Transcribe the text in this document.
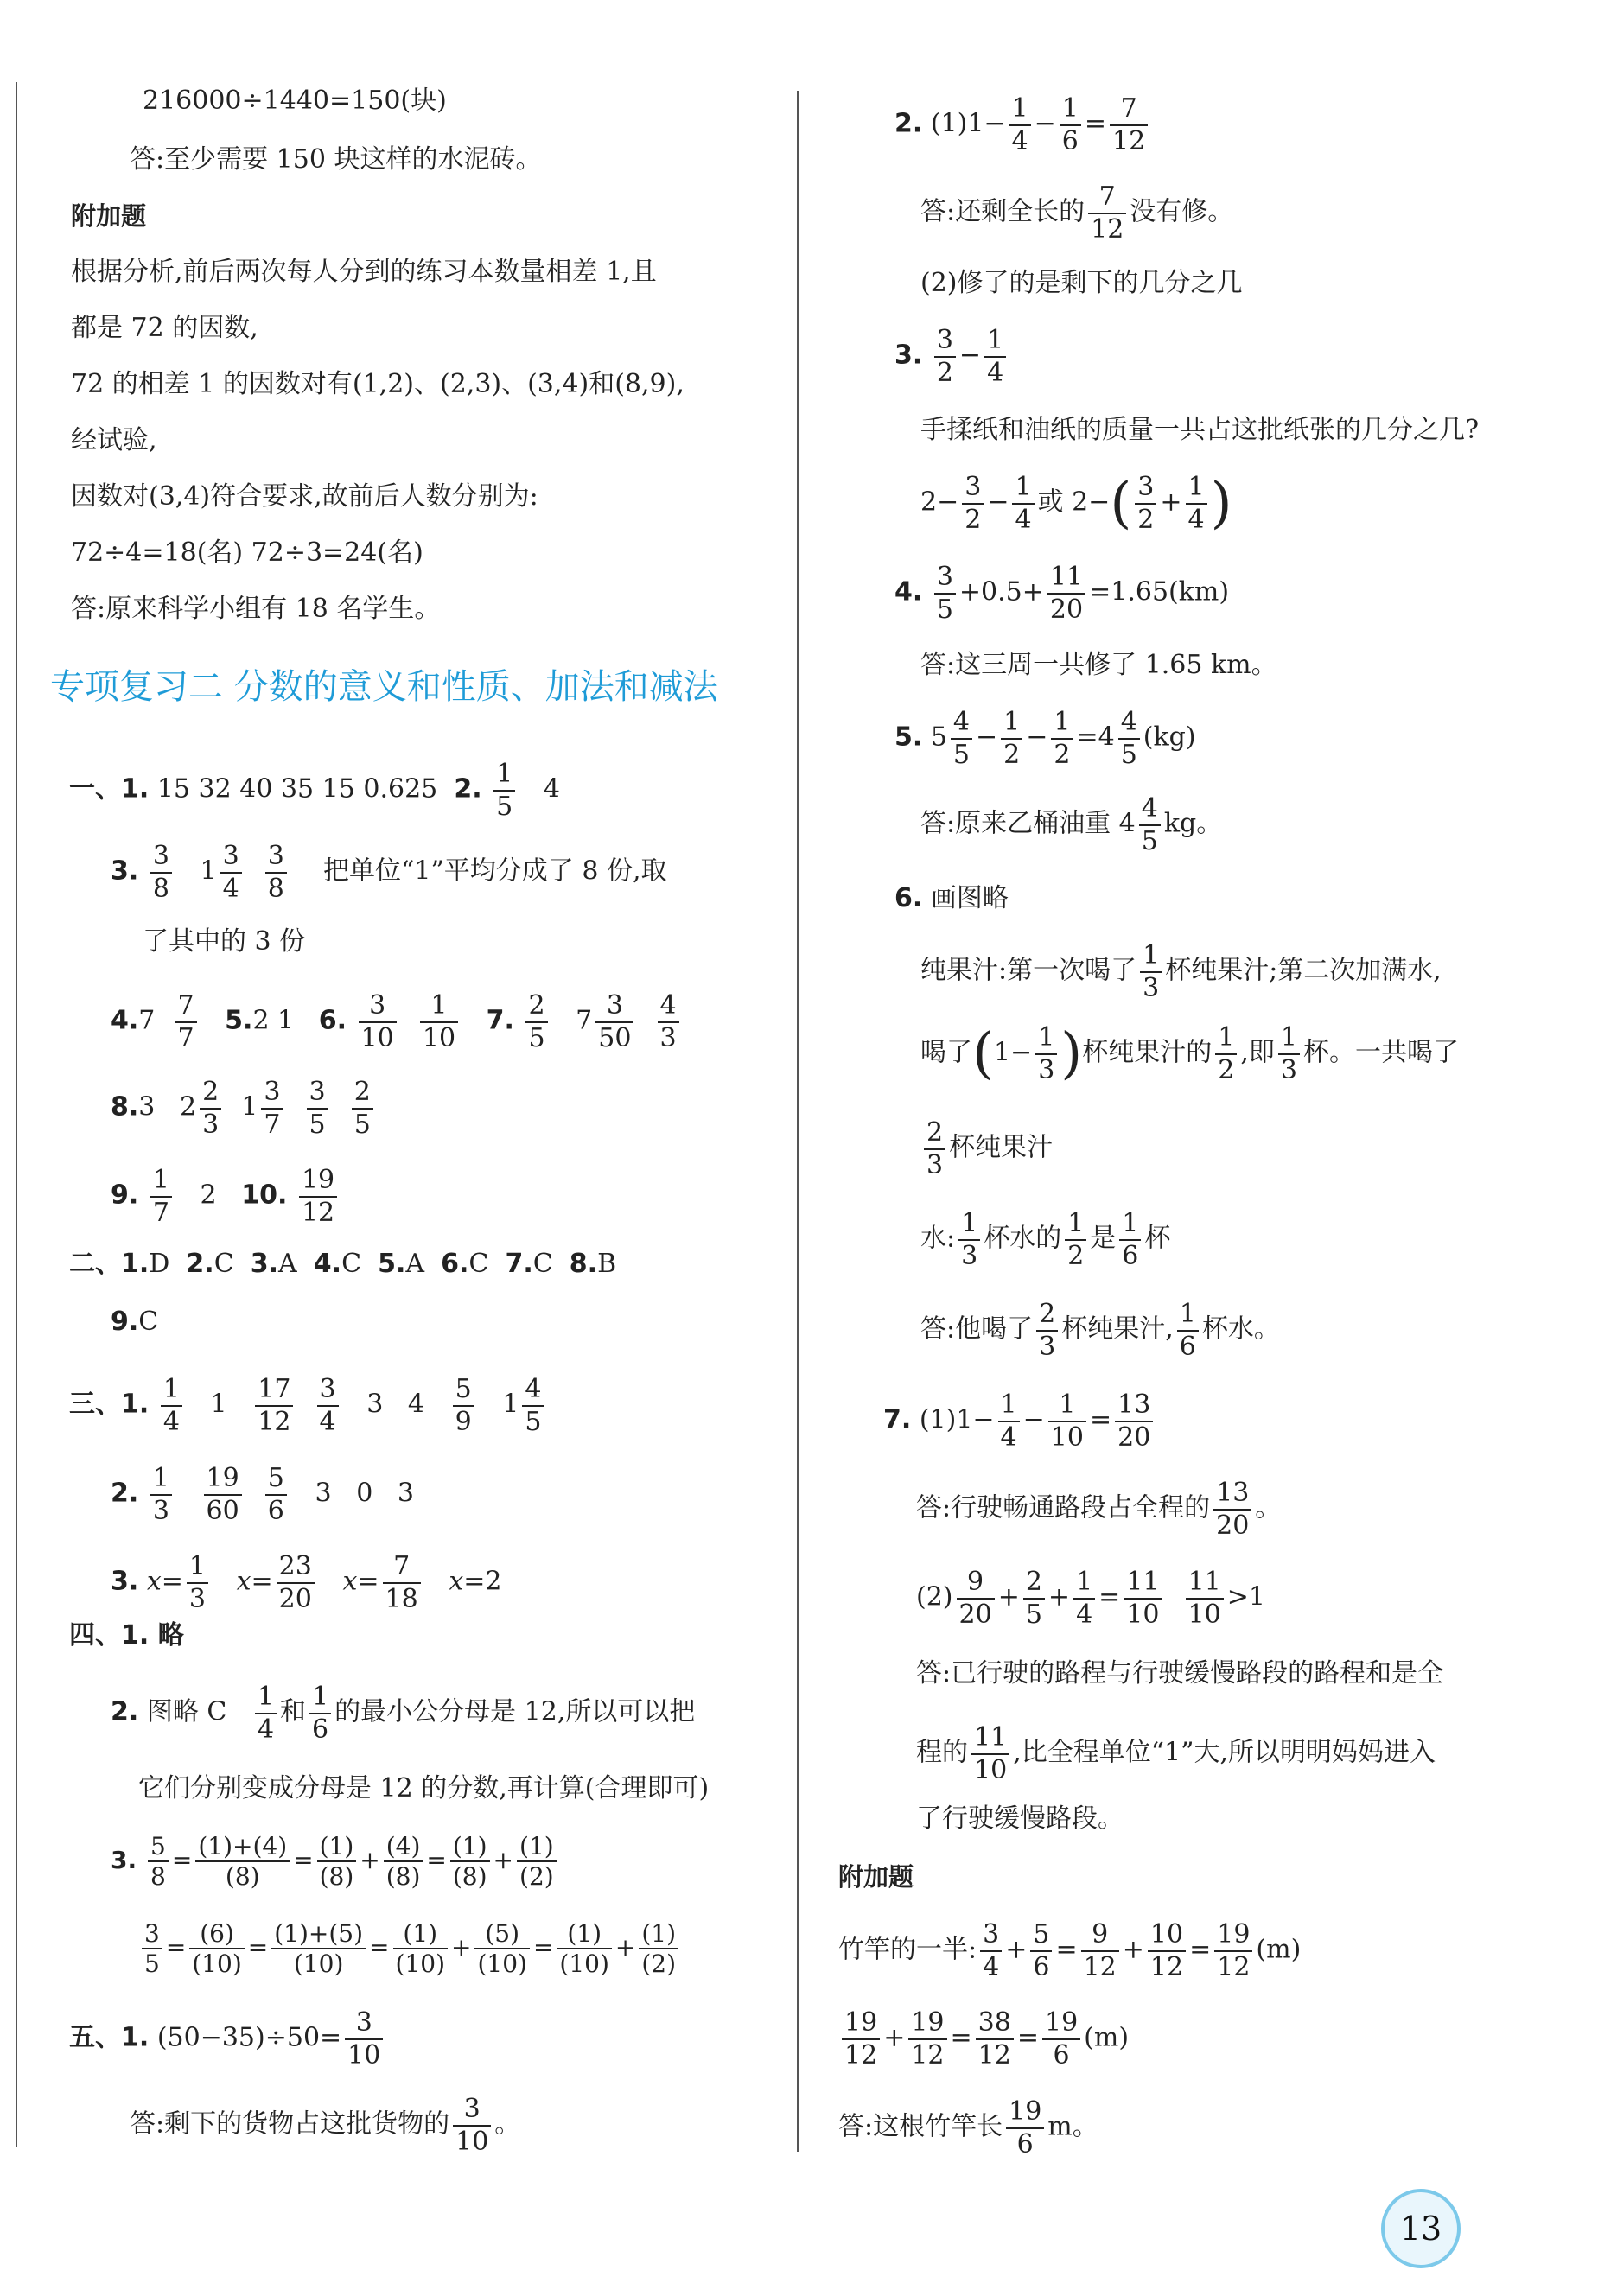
216000÷1440=150(块)
答:至少需要 150 块这样的水泥砖。
附加题
根据分析,前后两次每人分到的练习本数量相差 1,且
都是 72 的因数,
72 的相差 1 的因数对有(1,2)、(2,3)、(3,4)和(8,9),
经试验,
因数对(3,4)符合要求,故前后人数分别为:
72÷4=18(名) 72÷3=24(名)
答:原来科学小组有 18 名学生。
专项复习二 分数的意义和性质、加法和减法
一、1. 15 32 40 35 15 0.625 2. $\frac{1}{5} 4$
3. $\frac{3}{8} 1 \frac{3}{4}$
$\frac{3}{8}$ 把单位“1”平均分成了 8 份,取
了其中的 3 份
$4.7 \frac{7}{7} 5.2$ 1 6. $\frac{3}{10}$
$\frac{1}{10} 7$. $\frac{2}{5} 7 \frac{3}{50}$
$\frac{4}{3}$
8.3   $2 \frac{2}{3} 1 \frac{3}{7}$
$\frac{3}{5}$
$\frac{2}{5}$
9. $\frac{1}{7} 2$   10. $\frac{19}{12}$
二、1.D 2.C 3.A 4.C 5.A 6.C 7.C 8.B
9.C
三、1. $\frac{1}{4} 1 \frac{17}{12}$
$\frac{3}{4} 3$   $4 \frac{5}{9} 1 \frac{4}{5}$
2. $\frac{1}{3}$
$\frac{19}{60}$
$\frac{5}{6} 3$   0   3
3. $x= \frac{1}{3} x= \frac{23}{20} x= \frac{7}{18} x=2$
四、1. 略
2. 图略 C $\frac{1}{4}$ 和 $\frac{1}{6}$ 的最小公分母是 12,所以可以把
它们分别变成分母是 12 的分数,再计算(合理即可)
3. $\frac{5}{8} = \frac{(1)+(4)}{(8)} = \frac{(1)}{(8)} + \frac{(4)}{(8)} = \frac{(1)}{(8)} + \frac{(1)}{(2)}$
$\frac{3}{5} = \frac{(6)}{(10)} = \frac{(1)+(5)}{(10)} = \frac{(1)}{(10)} + \frac{(5)}{(10)} = \frac{(1)}{(10)} + \frac{(1)}{(2)}$
五、1. $(50-35)\div 50= \frac{3}{10}$
答:剩下的货物占这批货物的 $\frac{3}{10}$ 。
2. $(1)1- \frac{1}{4} - \frac{1}{6} = \frac{7}{12}$
答:还剩全长的 $\frac{7}{12}$ 没有修。
(2)修了的是剩下的几分之几
3. $\frac{3}{2} - \frac{1}{4}$
手揉纸和油纸的质量一共占这批纸张的几分之几?
$2- \frac{3}{2} - \frac{1}{4}$ 或 $2-( \frac{3}{2} + \frac{1}{4}$ )
4. $\frac{3}{5} +0.5+ \frac{11}{20} =1.65(km)$
答:这三周一共修了 1.65 km。
5. $5 \frac{4}{5} - \frac{1}{2} - \frac{1}{2} =4 \frac{4}{5} (kg)$
答:原来乙桶油重 $4 \frac{4}{5}$ kg。
6. 画图略
纯果汁:第一次喝了 $\frac{1}{3}$ 杯纯果汁;第二次加满水,
喝了($1- \frac{1}{3}$ )杯纯果汁的 $\frac{1}{2}$ ,即 $\frac{1}{3}$ 杯。一共喝了
$\frac{2}{3}$ 杯纯果汁
水: $\frac{1}{3}$ 杯水的 $\frac{1}{2}$ 是 $\frac{1}{6}$ 杯
答:他喝了 $\frac{2}{3}$ 杯纯果汁, $\frac{1}{6}$ 杯水。
7. $(1)1- \frac{1}{4} - \frac{1}{10} = \frac{13}{20}$
答:行驶畅通路段占全程的 $\frac{13}{20}$ 。
$(2) \frac{9}{20} + \frac{2}{5} + \frac{1}{4} = \frac{11}{10}$
$\frac{11}{10} >1$
答:已行驶的路程与行驶缓慢路段的路程和是全
程的 $\frac{11}{10}$ ,比全程单位“1”大,所以明明妈妈进入
了行驶缓慢路段。
附加题
竹竿的一半: $\frac{3}{4} + \frac{5}{6} = \frac{9}{12} + \frac{10}{12} = \frac{19}{12} (m)$
$\frac{19}{12} + \frac{19}{12} = \frac{38}{12} = \frac{19}{6} (m)$
答:这根竹竿长 $\frac{19}{6}$ m。
13
